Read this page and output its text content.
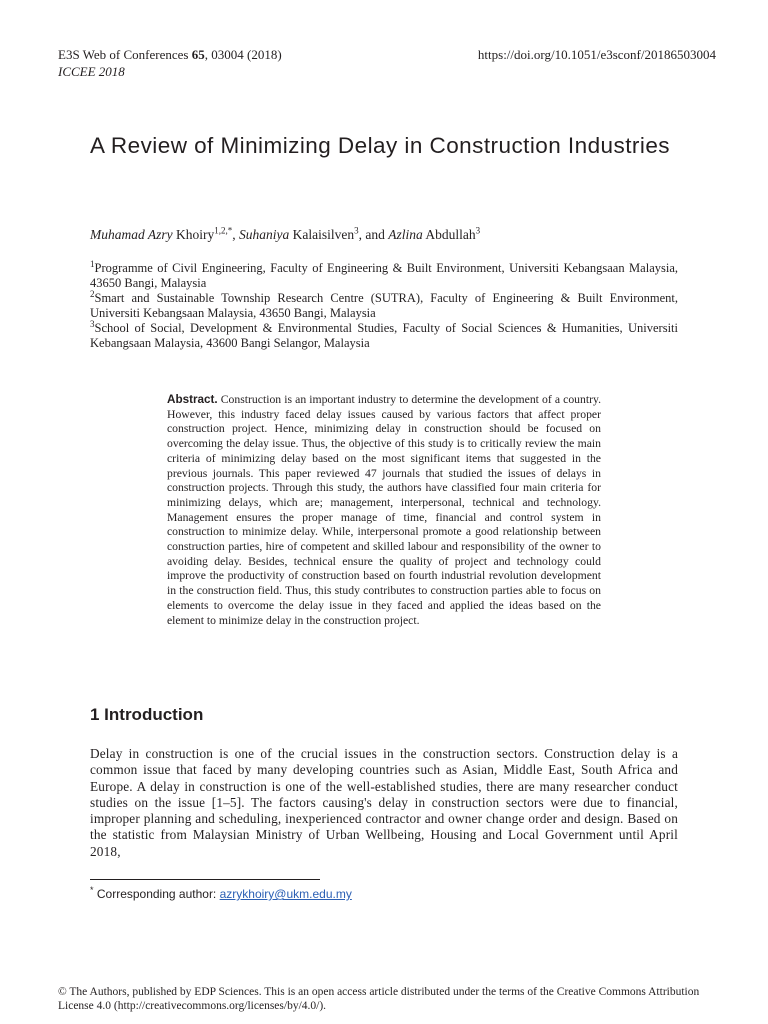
E3S Web of Conferences 65, 03004 (2018)
ICCEE 2018
https://doi.org/10.1051/e3sconf/20186503004
A Review of Minimizing Delay in Construction Industries
Muhamad Azry Khoiry$^{1,2,*}$, Suhaniya Kalaisilven$^3$, and Azlina Abdullah$^3$
$^1$Programme of Civil Engineering, Faculty of Engineering & Built Environment, Universiti Kebangsaan Malaysia, 43650 Bangi, Malaysia
$^2$Smart and Sustainable Township Research Centre (SUTRA), Faculty of Engineering & Built Environment, Universiti Kebangsaan Malaysia, 43650 Bangi, Malaysia
$^3$School of Social, Development & Environmental Studies, Faculty of Social Sciences & Humanities, Universiti Kebangsaan Malaysia, 43600 Bangi Selangor, Malaysia

Abstract. Construction is an important industry to determine the development of a country. However, this industry faced delay issues caused by various factors that affect proper construction project. Hence, minimizing delay in construction should be focused on overcoming the delay issue. Thus, the objective of this study is to critically review the main criteria of minimizing delay based on the most significant items that suggested in the previous journals. This paper reviewed 47 journals that studied the issues of delays in construction projects. Through this study, the authors have classified four main criteria for minimizing delays, which are; management, interpersonal, technical and technology. Management ensures the proper manage of time, financial and control system in construction to minimize delay. While, interpersonal promote a good relationship between construction parties, hire of competent and skilled labour and responsibility of the owner to avoiding delay. Besides, technical ensure the quality of project and technology could improve the productivity of construction based on fourth industrial revolution development in the construction field. Thus, this study contributes to construction parties able to focus on elements to overcome the delay issue in they faced and applied the ideas based on the element to minimize delay in the construction project.

1 Introduction

Delay in construction is one of the crucial issues in the construction sectors. Construction delay is a common issue that faced by many developing countries such as Asian, Middle East, South Africa and Europe. A delay in construction is one of the well-established studies, there are many researcher conduct studies on the issue [1–5]. The factors causing's delay in construction sectors were due to financial, improper planning and scheduling, inexperienced contractor and owner change order and design. Based on the statistic from Malaysian Ministry of Urban Wellbeing, Housing and Local Government until April 2018,

* Corresponding author: azrykhoiry@ukm.edu.my

© The Authors, published by EDP Sciences. This is an open access article distributed under the terms of the Creative Commons Attribution License 4.0 (http://creativecommons.org/licenses/by/4.0/).
